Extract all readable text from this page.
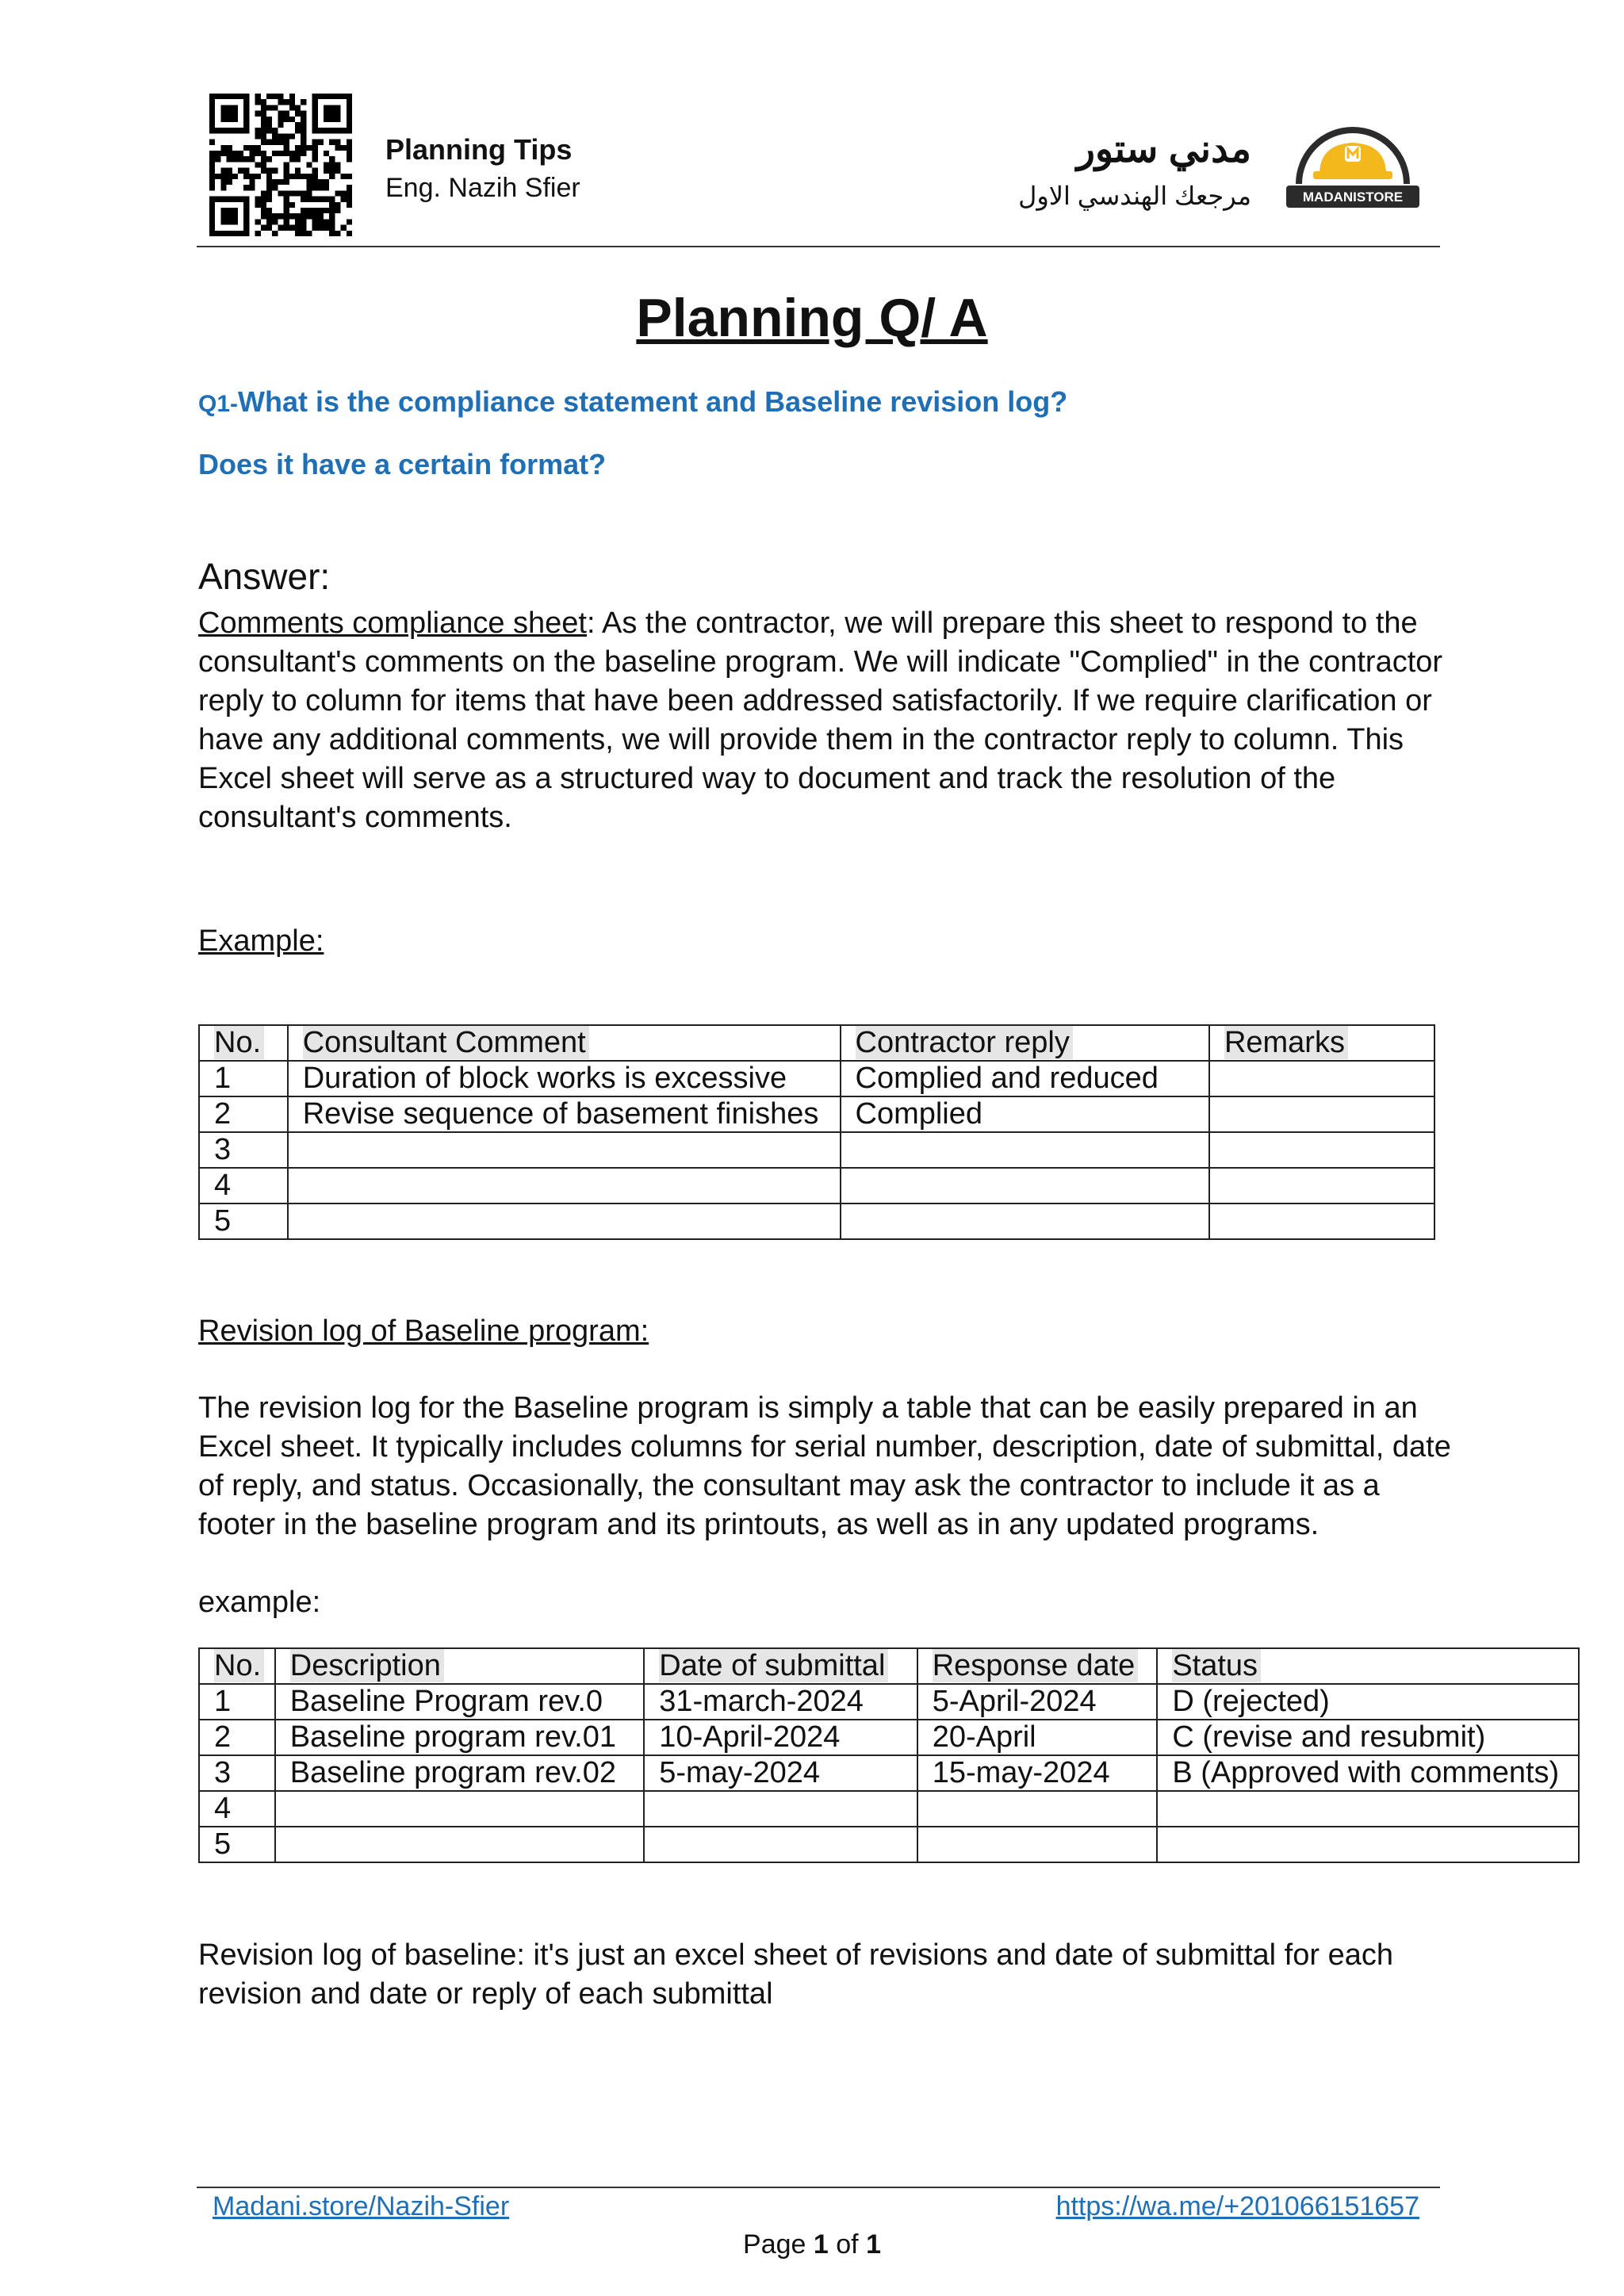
Planning Tips
Eng. Nazih Sfier
مدني ستور
مرجعك الهندسي الاول	MADANISTORE
Planning Q/ A
Q1-What is the compliance statement and Baseline revision log?
Does it have a certain format?
Answer:
Comments compliance sheet: As the contractor, we will prepare this sheet to respond to the consultant's comments on the baseline program. We will indicate "Complied" in the contractor reply to column for items that have been addressed satisfactorily. If we require clarification or have any additional comments, we will provide them in the contractor reply to column. This Excel sheet will serve as a structured way to document and track the resolution of the consultant's comments.
Example:
No.	Consultant Comment	Contractor reply	Remarks
1	Duration of block works is excessive	Complied and reduced	
2	Revise sequence of basement finishes	Complied	
3			
4			
5			
Revision log of Baseline program:
The revision log for the Baseline program is simply a table that can be easily prepared in an Excel sheet. It typically includes columns for serial number, description, date of submittal, date of reply, and status. Occasionally, the consultant may ask the contractor to include it as a footer in the baseline program and its printouts, as well as in any updated programs.
example:
No.	Description	Date of submittal	Response date	Status
1	Baseline Program rev.0	31-march-2024	5-April-2024	D (rejected)
2	Baseline program rev.01	10-April-2024	20-April	C (revise and resubmit)
3	Baseline program rev.02	5-may-2024	15-may-2024	B (Approved with comments)
4				
5				
Revision log of baseline: it's just an excel sheet of revisions and date of submittal for each revision and date or reply of each submittal
Madani.store/Nazih-Sfier	https://wa.me/+201066151657
Page 1 of 1
